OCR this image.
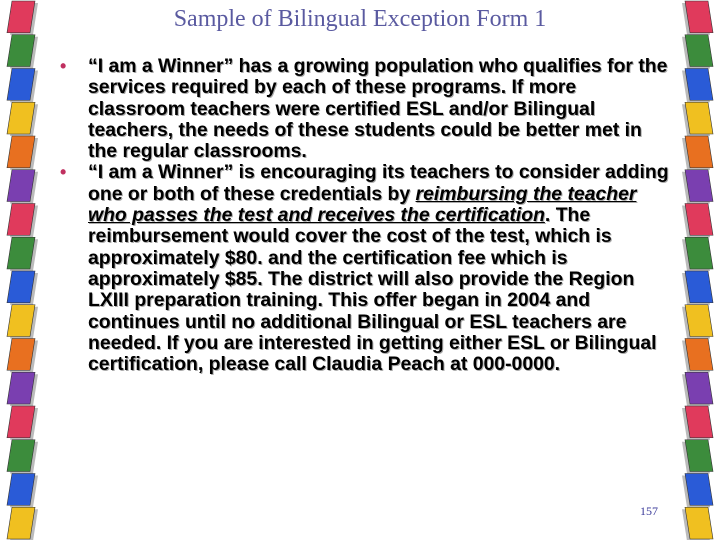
Sample of Bilingual Exception Form 1
• “I am a Winner” has a growing population who qualifies for the services required by each of these programs. If more classroom teachers were certified ESL and/or Bilingual teachers, the needs of these students could be better met in the regular classrooms.
• “I am a Winner” is encouraging its teachers to consider adding one or both of these credentials by reimbursing the teacher who passes the test and receives the certification. The reimbursement would cover the cost of the test, which is approximately $80. and the certification fee which is approximately $85. The district will also provide the Region LXIII preparation training. This offer began in 2004 and continues until no additional Bilingual or ESL teachers are needed. If you are interested in getting either ESL or Bilingual certification, please call Claudia Peach at 000-0000.
157
